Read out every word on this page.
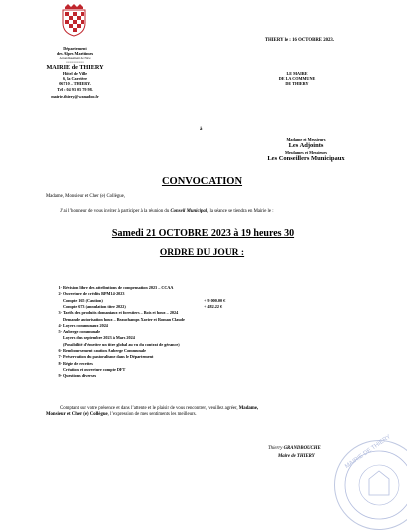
THIERY le : 16 OCTOBRE 2023.
Département
des Alpes Maritimes
Arrondissement de Nice
==========
MAIRIE de THIERY
Hôtel de Ville
6, la Carrière
06710 – THIERY.
Tél : 04 93 05 79 98.
mairie.thiery@wanadoo.fr
LE MAIRE
DE LA COMMUNE
DE THIERY
à
Madame et Messieurs
Les Adjoints
Mesdames et Messieurs
Les Conseillers Municipaux
CONVOCATION
Madame, Monsieur et Cher (e) Collègue,
J’ai l’honneur de vous inviter à participer à la réunion du Conseil Municipal, la séance se tiendra en Mairie le :
Samedi 21 OCTOBRE 2023 à 19 heures 30
ORDRE DU JOUR :
1- Révision libre des attributions de compensation 2023 – CCAA
2- Ouverture de crédits BPM14-2023
Compte 165 (Caution)	+ 9 000.00 €
Compte 673 (annulation titre 2022)	+ 482.22 €
3- Tarifs des produits domaniaux et forestiers – Bois et houx – 2024
Demande autorisation houx – Beauchamps Xavier et Roman Claude
4- Loyers communaux 2024
5- Auberge communale
Loyers dus septembre 2023 à Mars 2024
(Possibilité d’émettre un titre global au vu du contrat de gérance)
6- Remboursement caution Auberge Communale
7- Préservation du pastoralisme dans le Département
8- Régie de recettes
Création et ouverture compte DFT
9- Questions diverses
Comptant sur votre présence et dans l’attente et le plaisir de vous rencontrer, veuillez agréer, Madame,
Monsieur et Cher (e) Collègue, l’expression de mes sentiments les meilleurs.
Thierry GRANDBOUCHE
Maire de THIERY	MAIRIE DE THIERY
